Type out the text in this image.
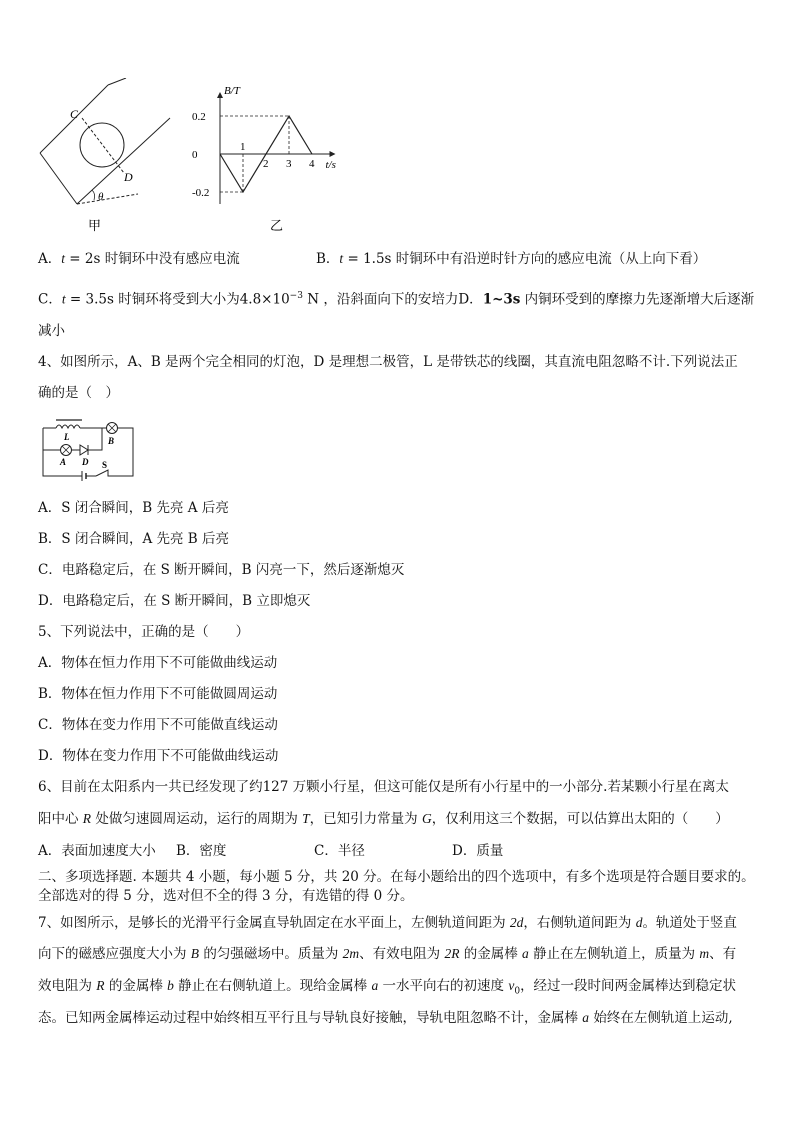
C
D
θ
甲
0.2
0
-0.2
1
2 3 4
B/T
t/s
乙
A．t = 2s 时铜环中没有感应电流	B．t = 1.5s 时铜环中有沿逆时针方向的感应电流（从上向下看）
C．t = 3.5s 时铜环将受到大小为$4.8\times 10^{-3}$ N ，沿斜面向下的安培力D．1~3s 内铜环受到的摩擦力先逐渐增大后逐渐
减小
4、如图所示，A、B 是两个完全相同的灯泡，D 是理想二极管，L 是带铁芯的线圈，其直流电阻忽略不计.下列说法正
确的是（　）
L	B
A D S
A．S 闭合瞬间，B 先亮 A 后亮
B．S 闭合瞬间，A 先亮 B 后亮
C．电路稳定后，在 S 断开瞬间，B 闪亮一下，然后逐渐熄灭
D．电路稳定后，在 S 断开瞬间，B 立即熄灭
5、下列说法中，正确的是（　　）
A．物体在恒力作用下不可能做曲线运动
B．物体在恒力作用下不可能做圆周运动
C．物体在变力作用下不可能做直线运动
D．物体在变力作用下不可能做曲线运动
6、目前在太阳系内一共已经发现了约127 万颗小行星，但这可能仅是所有小行星中的一小部分.若某颗小行星在离太
阳中心 R 处做匀速圆周运动，运行的周期为 T，已知引力常量为 G，仅利用这三个数据，可以估算出太阳的（　　）
A．表面加速度大小 B．密度	C．半径	D．质量
二、多项选择题. 本题共 4 小题，每小题 5 分，共 20 分。在每小题给出的四个选项中，有多个选项是符合题目要求的。
全部选对的得 5 分，选对但不全的得 3 分，有选错的得 0 分。
7、如图所示，是够长的光滑平行金属直导轨固定在水平面上，左侧轨道间距为 2d，右侧轨道间距为 d。轨道处于竖直
向下的磁感应强度大小为 B 的匀强磁场中。质量为 2m、有效电阻为 2R 的金属棒 a 静止在左侧轨道上，质量为 m、有
效电阻为 R 的金属棒 b 静止在右侧轨道上。现给金属棒 a 一水平向右的初速度 $v_0$，经过一段时间两金属棒达到稳定状
态。已知两金属棒运动过程中始终相互平行且与导轨良好接触，导轨电阻忽略不计，金属棒 a 始终在左侧轨道上运动,
